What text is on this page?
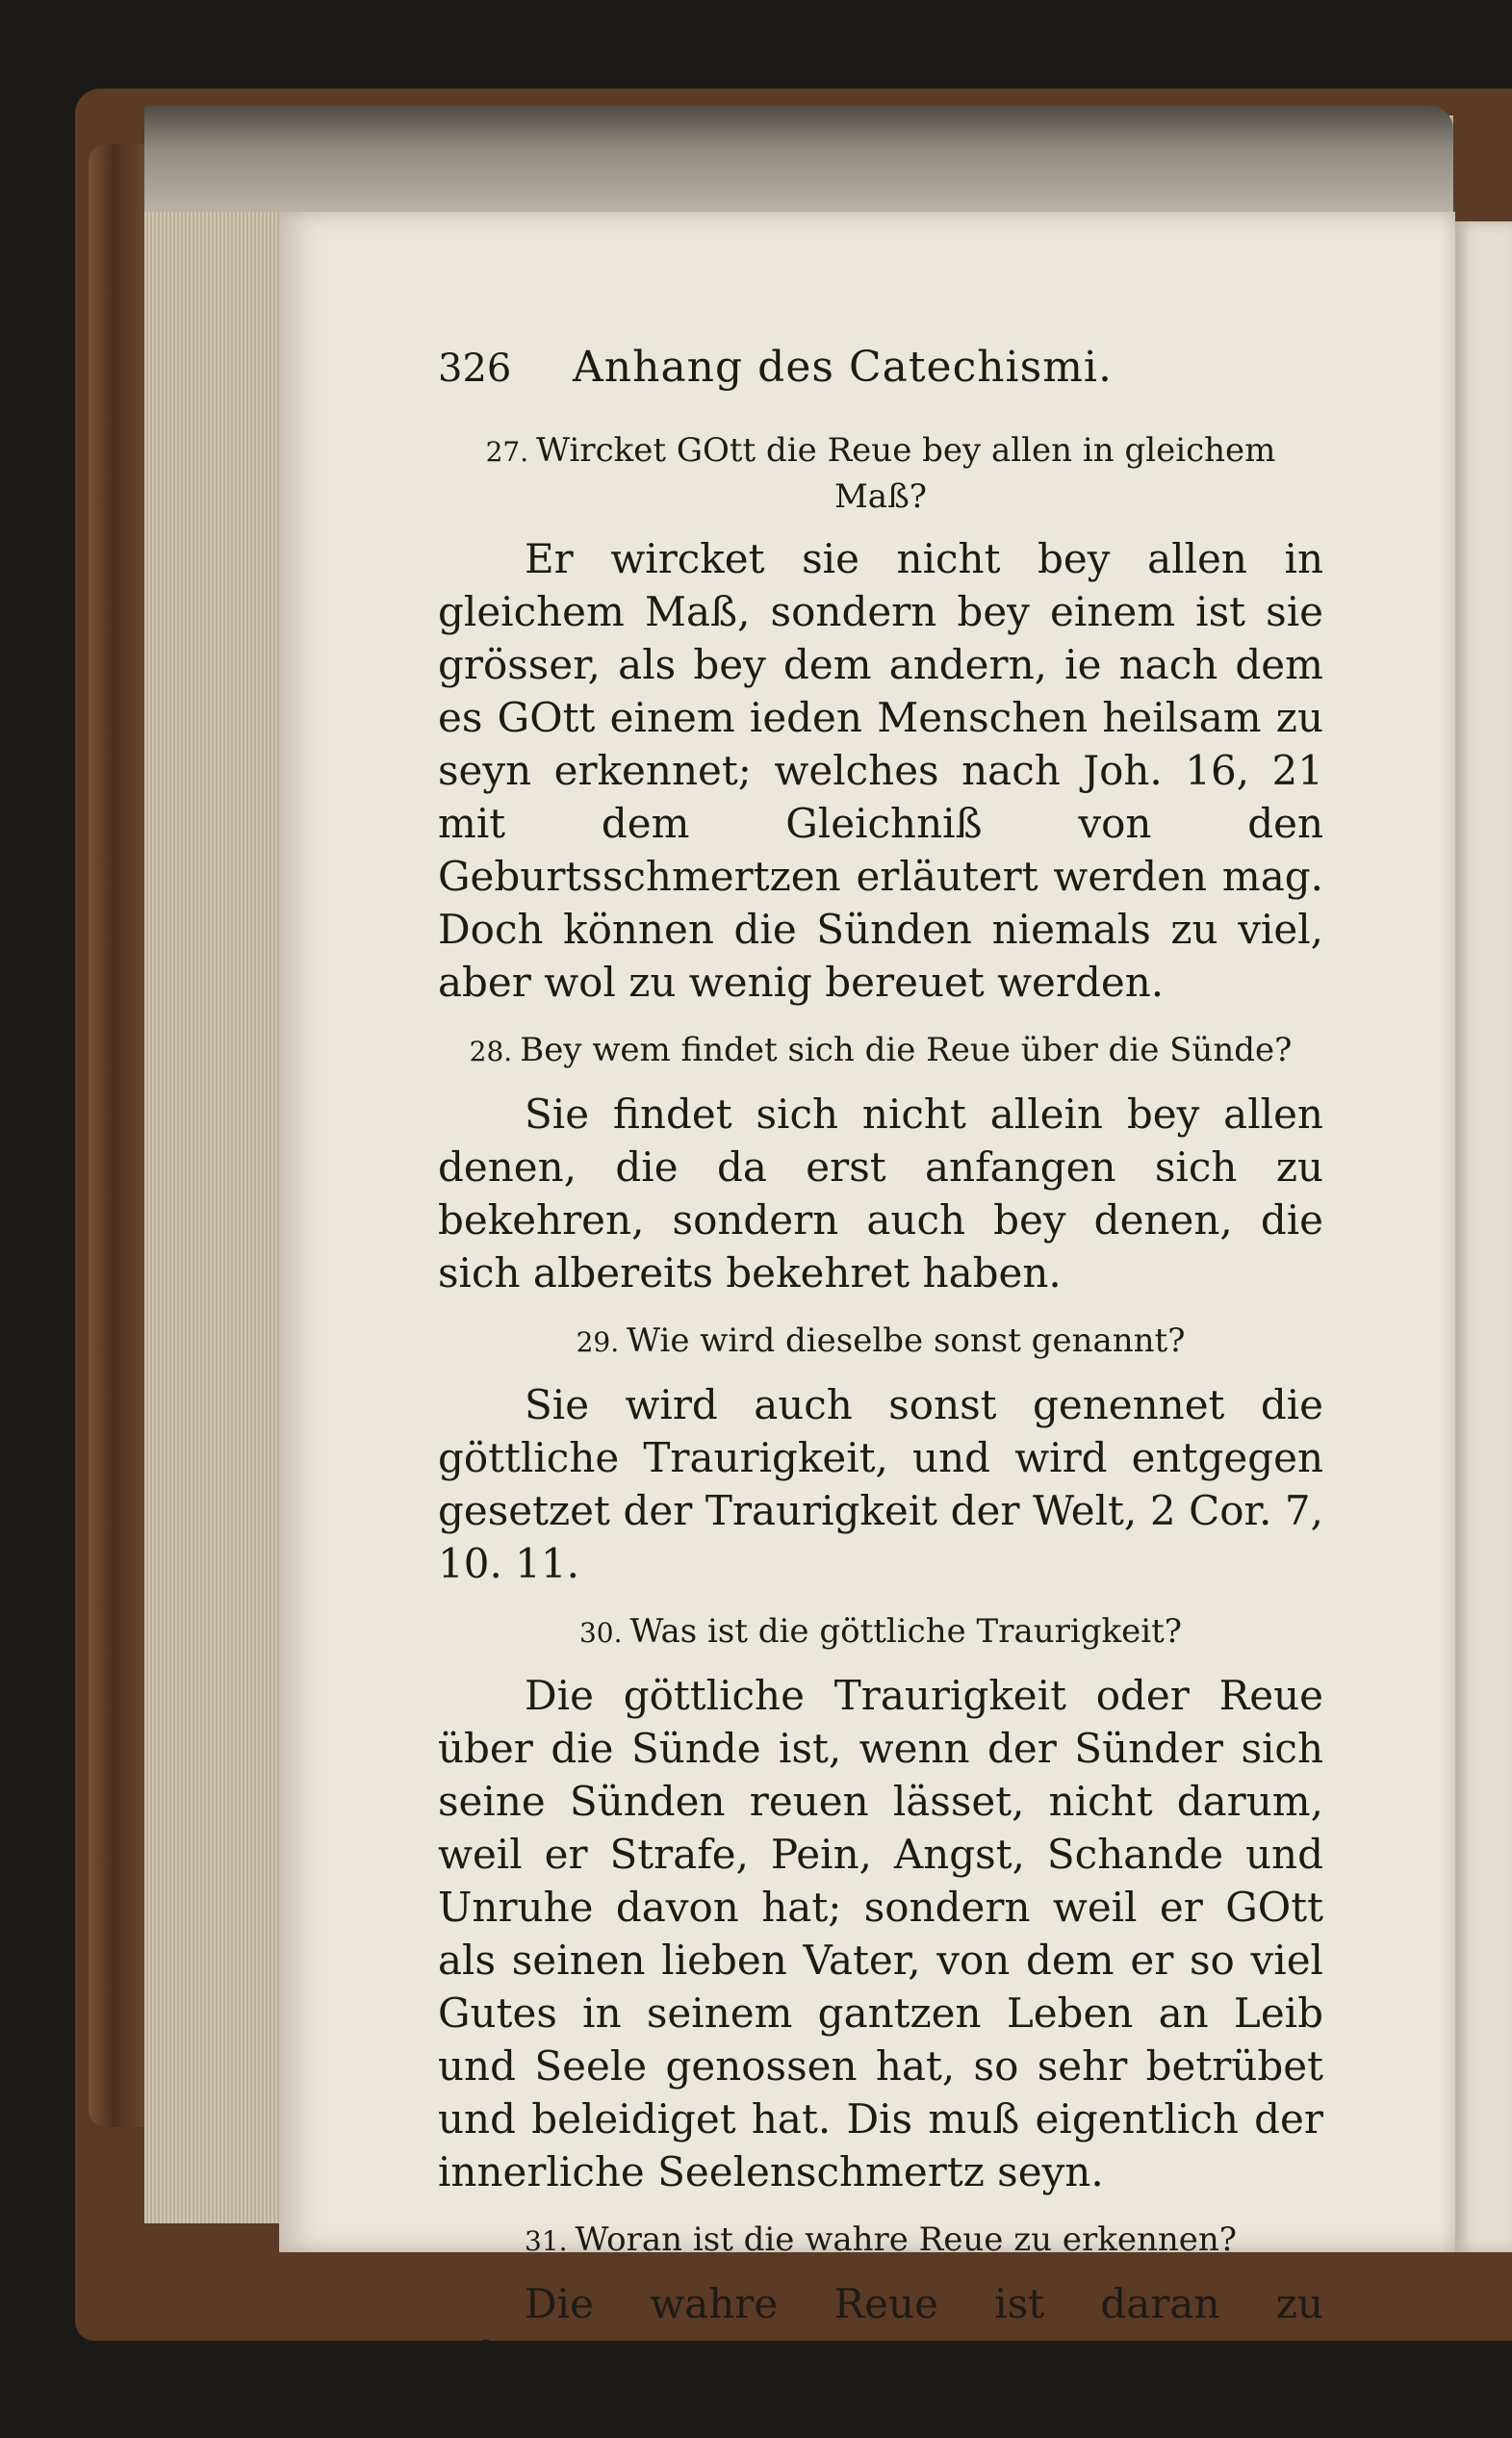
326	Anhang des Catechismi.
27. Wircket GOtt die Reue bey allen in gleichem Maß?

Er wircket sie nicht bey allen in gleichem Maß, sondern bey einem ist sie grösser, als bey dem andern, ie nach dem es GOtt einem ieden Menschen heilsam zu seyn erkennet; welches nach Joh. 16, 21 mit dem Gleichniß von den Geburtsschmertzen erläutert werden mag. Doch können die Sünden niemals zu viel, aber wol zu wenig bereuet werden.

28. Bey wem findet sich die Reue über die Sünde?

Sie findet sich nicht allein bey allen denen, die da erst anfangen sich zu bekehren, sondern auch bey denen, die sich albereits bekehret haben.

29. Wie wird dieselbe sonst genannt?

Sie wird auch sonst genennet die göttliche Traurigkeit, und wird entgegen gesetzet der Traurigkeit der Welt, 2 Cor. 7, 10. 11.

30. Was ist die göttliche Traurigkeit?

Die göttliche Traurigkeit oder Reue über die Sünde ist, wenn der Sünder sich seine Sünden reuen lässet, nicht darum, weil er Strafe, Pein, Angst, Schande und Unruhe davon hat; sondern weil er GOtt als seinen lieben Vater, von dem er so viel Gutes in seinem gantzen Leben an Leib und Seele genossen hat, so sehr betrübet und beleidiget hat. Dis muß eigentlich der innerliche Seelenschmertz seyn.

31. Woran ist die wahre Reue zu erkennen?

Die wahre Reue ist daran zu erkennen, wenn

ein
